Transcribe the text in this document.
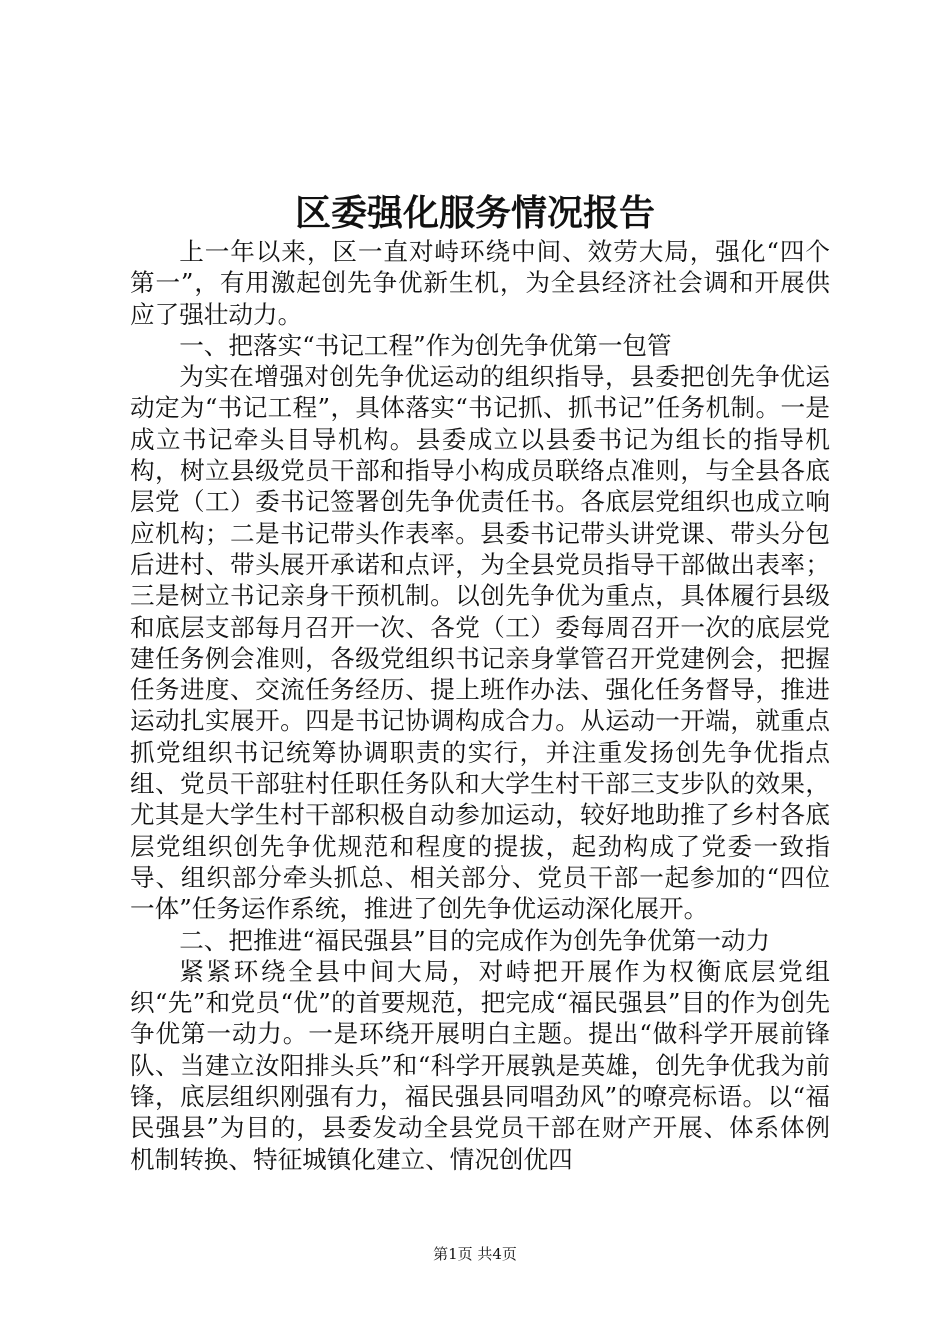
区委强化服务情况报告

上一年以来，区一直对峙环绕中间、效劳大局，强化“四个第一”，有用激起创先争优新生机，为全县经济社会调和开展供应了强壮动力。

一、把落实“书记工程”作为创先争优第一包管

为实在增强对创先争优运动的组织指导，县委把创先争优运动定为“书记工程”，具体落实“书记抓、抓书记”任务机制。一是成立书记牵头目导机构。县委成立以县委书记为组长的指导机构，树立县级党员干部和指导小构成员联络点准则，与全县各底层党（工）委书记签署创先争优责任书。各底层党组织也成立响应机构；二是书记带头作表率。县委书记带头讲党课、带头分包后进村、带头展开承诺和点评，为全县党员指导干部做出表率；三是树立书记亲身干预机制。以创先争优为重点，具体履行县级和底层支部每月召开一次、各党（工）委每周召开一次的底层党建任务例会准则，各级党组织书记亲身掌管召开党建例会，把握任务进度、交流任务经历、提上班作办法、强化任务督导，推进运动扎实展开。四是书记协调构成合力。从运动一开端，就重点抓党组织书记统筹协调职责的实行，并注重发扬创先争优指点组、党员干部驻村任职任务队和大学生村干部三支步队的效果，尤其是大学生村干部积极自动参加运动，较好地助推了乡村各底层党组织创先争优规范和程度的提拔，起劲构成了党委一致指导、组织部分牵头抓总、相关部分、党员干部一起参加的“四位一体”任务运作系统，推进了创先争优运动深化展开。

二、把推进“福民强县”目的完成作为创先争优第一动力

紧紧环绕全县中间大局，对峙把开展作为权衡底层党组织“先”和党员“优”的首要规范，把完成“福民强县”目的作为创先争优第一动力。一是环绕开展明白主题。提出“做科学开展前锋队、当建立汝阳排头兵”和“科学开展孰是英雄，创先争优我为前锋，底层组织刚强有力，福民强县同唱劲风”的嘹亮标语。以“福民强县”为目的，县委发动全县党员干部在财产开展、体系体例机制转换、特征城镇化建立、情况创优四

第1页 共4页
